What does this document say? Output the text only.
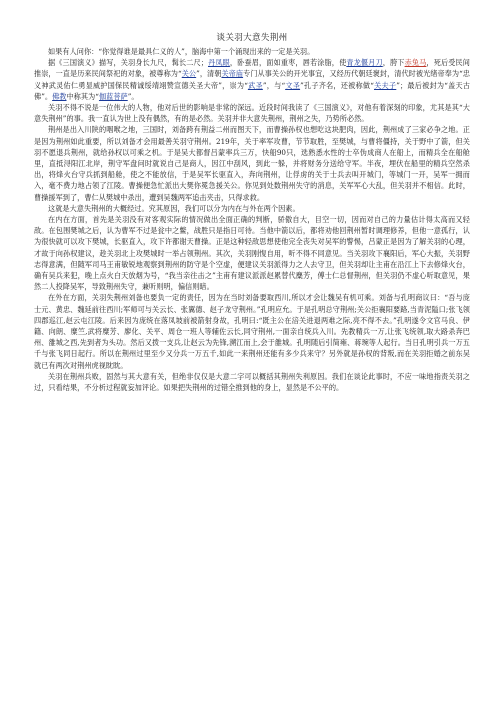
谈关羽大意失荆州

如果有人问你：“你觉得谁是最具仁义的人”，脑海中第一个涌现出来的一定是关羽。

据《三国演义》描写，关羽身长九尺，髯长二尺；丹凤眼，卧蚕眉，面如重枣，唇若涂脂，使青龙偃月刀，胯下赤兔马，死后受民间推崇，一直是历来民间祭祀的对象，被尊称为“关公”，清朝关帝庙专门从事关公的开光事宜，又经历代朝廷褒封，清代时被光绪帝奉为“忠义神武灵佑仁勇显威护国保民精诚绥靖翊赞宣德关圣大帝”，崇为“武圣”，与“文圣”孔子齐名，还被称做“关夫子”；最后被封为“盖天古佛”。佛教中称其为“伽蓝菩萨”。

关羽不得不说是一位伟大的人物，他对后世的影响是非常的深远。近段时间我读了《三国演义》，对他有着深刻的印象，尤其是其“大意失荆州”的事。我一直认为世上没有偶然，有的是必然。关羽并非大意失荆州，荆州之失，乃势所必然。

荆州是出入川陕的咽喉之地，三国时，刘备跨有荆益二州而图天下，而曹操孙权也想吃这块肥肉，因此，荆州成了三家必争之地。正是因为荆州如此重要，所以刘备才会用最善关羽守荆州。219年，关于率军攻曹，节节取胜，至樊城，与曹将僵持，关于野中了箭，但关羽不愿退兵荆州，就给孙权以可乘之机。于是吴大都督吕蒙率兵三万，快船90只，选熟悉水性的士卒伪成商人在船上，而精兵全在船舱里，直抵浔阳江北岸，荆守军盘问时就说自己是商人，因江中刮风，到此一躲，并将财务分送给守军。半夜，埋伏在船里的精兵空然杀出，将烽火台守兵抓到船舱，使之不能放信，于是吴军长驱直入，奔向荆州，让俘虏的关于士兵去叫开城门，等城门一开，吴军一拥而入，毫不费力地占领了江陵。曹操便急忙派出大樊你冕急援关公。你见到处数荆州失守的消息，关军军心大乱，但关羽并不相信。此时，曹操援军到了，曹仁从樊城中杀出，遭到吴魏两军追击夹击，只得求救。

这就是大意失荆州的大概经过。究其原因，我们可以分为内在与外在两个因素。

在内在方面，首先是关羽没有对客观实际的情况做出全面正确的判断，骄傲自大，目空一切，因而对自己的力量估计得太高而又轻敌。在包围樊城之后，认为曹军不过是瓮中之鳖，战胜只是指日可待。当他中箭以后，都将劝他回荆州暂时调理修养，但他一意孤行，认为很快就可以攻下樊城，长驱直入，攻下许都谢天曹操。正是这种轻敌思想使他完全丧失对吴军的警惕，吕蒙正是因为了解关羽的心理，才故于向孙权建议，趁关羽北上攻樊城时一举占领荆州。其次，关羽刚愎自用，听不得不同意见。当关羽攻下襄阳后，军心大振，关羽野志得意满，但随军司马王甫敏锐地观察到荆州的防守是个空虚，便建议关羽派得力之人去守卫，但关羽却让主甫在沿江上下去修烽火台，确有吴兵来犯，晚上点火白天放烟为号，“我当亲往击之”主甫有建议派派赵累替代麋芳，傅士仁总督荆州，但关羽仍不虚心听取意见，果然二人投降吴军，导致荆州失守，兼听则明，偏信则暗。

在外在方面，关羽失荆州刘备也要负一定的责任，因为在当时刘备要取西川,所以才会让魏吴有机可乘。刘备与孔明商议曰：“吾与庞士元、黄忠、魏延前往西川;军师可与关云长、张翼德、赵子龙守荆州。”孔明应允。于是孔明总守荆州;关公拒襄阳要路,当青泥隘口;张飞领四郡巡江,赵云屯江陵。后来因为庞统在落凤坡前被箭射身故，孔明曰:“既主公在涪关进退两难之际,亮不得不去。”孔明遂令文官马良、伊籍、向朗、糜竺,武将糜芳、廖化、关平、周仓一班人等辅佐云长,同守荆州,一面亲自统兵入川。先教精兵一万,让张飞统领,取大路杀奔巴州、雒城之西,先到者为头功。然后又拨一支兵,让赵云为先锋,溯江而上,会于雒城。孔明随后引简雍、蒋琬等人起行。当日孔明引兵一万五千与张飞同日起行。所以在荆州过里至少又分兵一万五千,如此一来荆州还能有多少兵来守？另外就是孙权的背叛,而在关羽拒婚之前东吴就已有两次对荆州虎视眈眈。

关羽在荆州兵败，固然与其大意有关，但绝非仅仅是大意二字可以概括其荆州失利原因。我们在谈论此事时，不应一味地指责关羽之过，只看结果，不分析过程就妄加评论。如果把失荆州的过错全推到他的身上，显然是不公平的。
